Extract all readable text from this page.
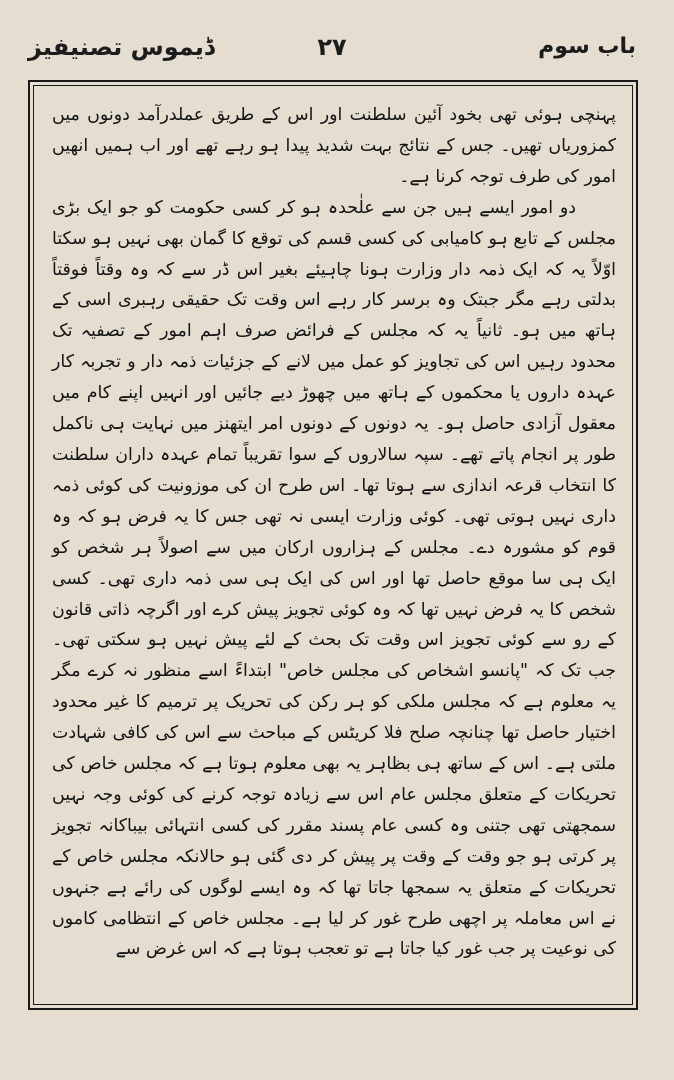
باب سوم
۲۷
ڈیموس تصنیفیز

پہنچی ہوئی تھی بخود آئین سلطنت اور اس کے طریق عملدرآمد دونوں میں کمزوریاں تھیں۔ جس کے نتائج بہت شدید پیدا ہو رہے تھے اور اب ہمیں انھیں امور کی طرف توجہ کرنا ہے۔

دو امور ایسے ہیں جن سے علٰحدہ ہو کر کسی حکومت کو جو ایک بڑی مجلس کے تابع ہو کامیابی کی کسی قسم کی توقع کا گمان بھی نہیں ہو سکتا اوّلاً یہ کہ ایک ذمہ دار وزارت ہونا چاہیئے بغیر اس ڈر سے کہ وہ وقتاً فوقتاً بدلتی رہے مگر جبتک وہ برسر کار رہے اس وقت تک حقیقی رہبری اسی کے ہاتھ میں ہو۔ ثانیاً یہ کہ مجلس کے فرائض صرف اہم امور کے تصفیہ تک محدود رہیں اس کی تجاویز کو عمل میں لانے کے جزئیات ذمہ دار و تجربہ کار عہدہ داروں یا محکموں کے ہاتھ میں چھوڑ دیے جائیں اور انہیں اپنے کام میں معقول آزادی حاصل ہو۔ یہ دونوں کے دونوں امر ایتھنز میں نہایت ہی ناکمل طور پر انجام پاتے تھے۔ سپہ سالاروں کے سوا تقریباً تمام عہدہ داران سلطنت کا انتخاب قرعہ اندازی سے ہوتا تھا۔ اس طرح ان کی موزونیت کی کوئی ذمہ داری نہیں ہوتی تھی۔ کوئی وزارت ایسی نہ تھی جس کا یہ فرض ہو کہ وہ قوم کو مشورہ دے۔ مجلس کے ہزاروں ارکان میں سے اصولاً ہر شخص کو ایک ہی سا موقع حاصل تھا اور اس کی ایک ہی سی ذمہ داری تھی۔ کسی شخص کا یہ فرض نہیں تھا کہ وہ کوئی تجویز پیش کرے اور اگرچہ ذاتی قانون کے رو سے کوئی تجویز اس وقت تک بحث کے لئے پیش نہیں ہو سکتی تھی۔ جب تک کہ "پانسو اشخاص کی مجلس خاص" ابتداءً اسے منظور نہ کرے مگر یہ معلوم ہے کہ مجلس ملکی کو ہر رکن کی تحریک پر ترمیم کا غیر محدود اختیار حاصل تھا چنانچہ صلح فلا کریٹس کے مباحث سے اس کی کافی شہادت ملتی ہے۔ اس کے ساتھ ہی بظاہر یہ بھی معلوم ہوتا ہے کہ مجلس خاص کی تحریکات کے متعلق مجلس عام اس سے زیادہ توجہ کرنے کی کوئی وجہ نہیں سمجھتی تھی جتنی وہ کسی عام پسند مقرر کی کسی انتہائی بیباکانہ تجویز پر کرتی ہو جو وقت کے وقت پر پیش کر دی گئی ہو حالانکہ مجلس خاص کے تحریکات کے متعلق یہ سمجھا جاتا تھا کہ وہ ایسے لوگوں کی رائے ہے جنہوں نے اس معاملہ پر اچھی طرح غور کر لیا ہے۔ مجلس خاص کے انتظامی کاموں کی نوعیت پر جب غور کیا جاتا ہے تو تعجب ہوتا ہے کہ اس غرض سے
